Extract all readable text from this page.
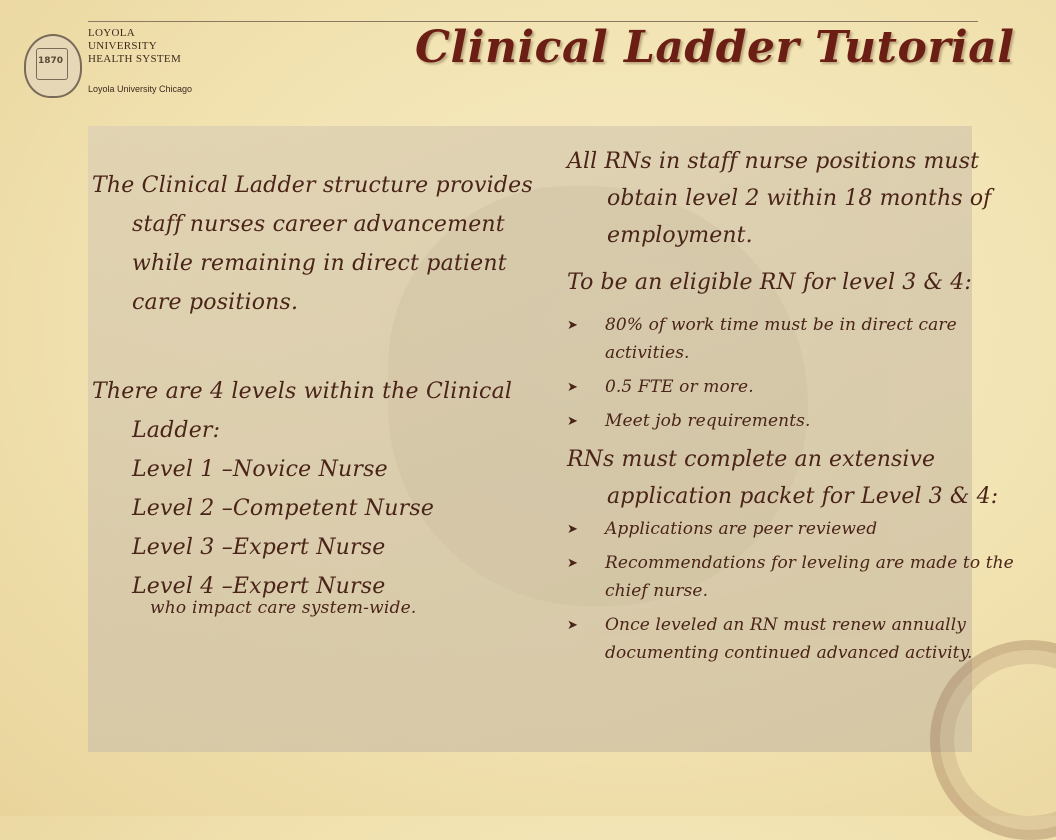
1870
LOYOLA
UNIVERSITY
HEALTH SYSTEM
Loyola University Chicago
Clinical Ladder Tutorial

The Clinical Ladder structure provides staff nurses career advancement while remaining in direct patient care positions.

There are 4 levels within the Clinical Ladder:

Level 1 –Novice Nurse

Level 2 –Competent Nurse

Level 3 –Expert Nurse

Level 4 –Expert Nurse

who impact care system-wide.

All RNs in staff nurse positions must obtain level 2 within 18 months of employment.

To be an eligible RN for level 3 & 4:

➤ 80% of work time must be in direct care activities.
➤ 0.5 FTE or more.
➤ Meet job requirements.

RNs must complete an extensive application packet for Level 3 & 4:

➤ Applications are peer reviewed
➤ Recommendations for leveling are made to the chief nurse.
➤ Once leveled an RN must renew annually documenting continued advanced activity.
